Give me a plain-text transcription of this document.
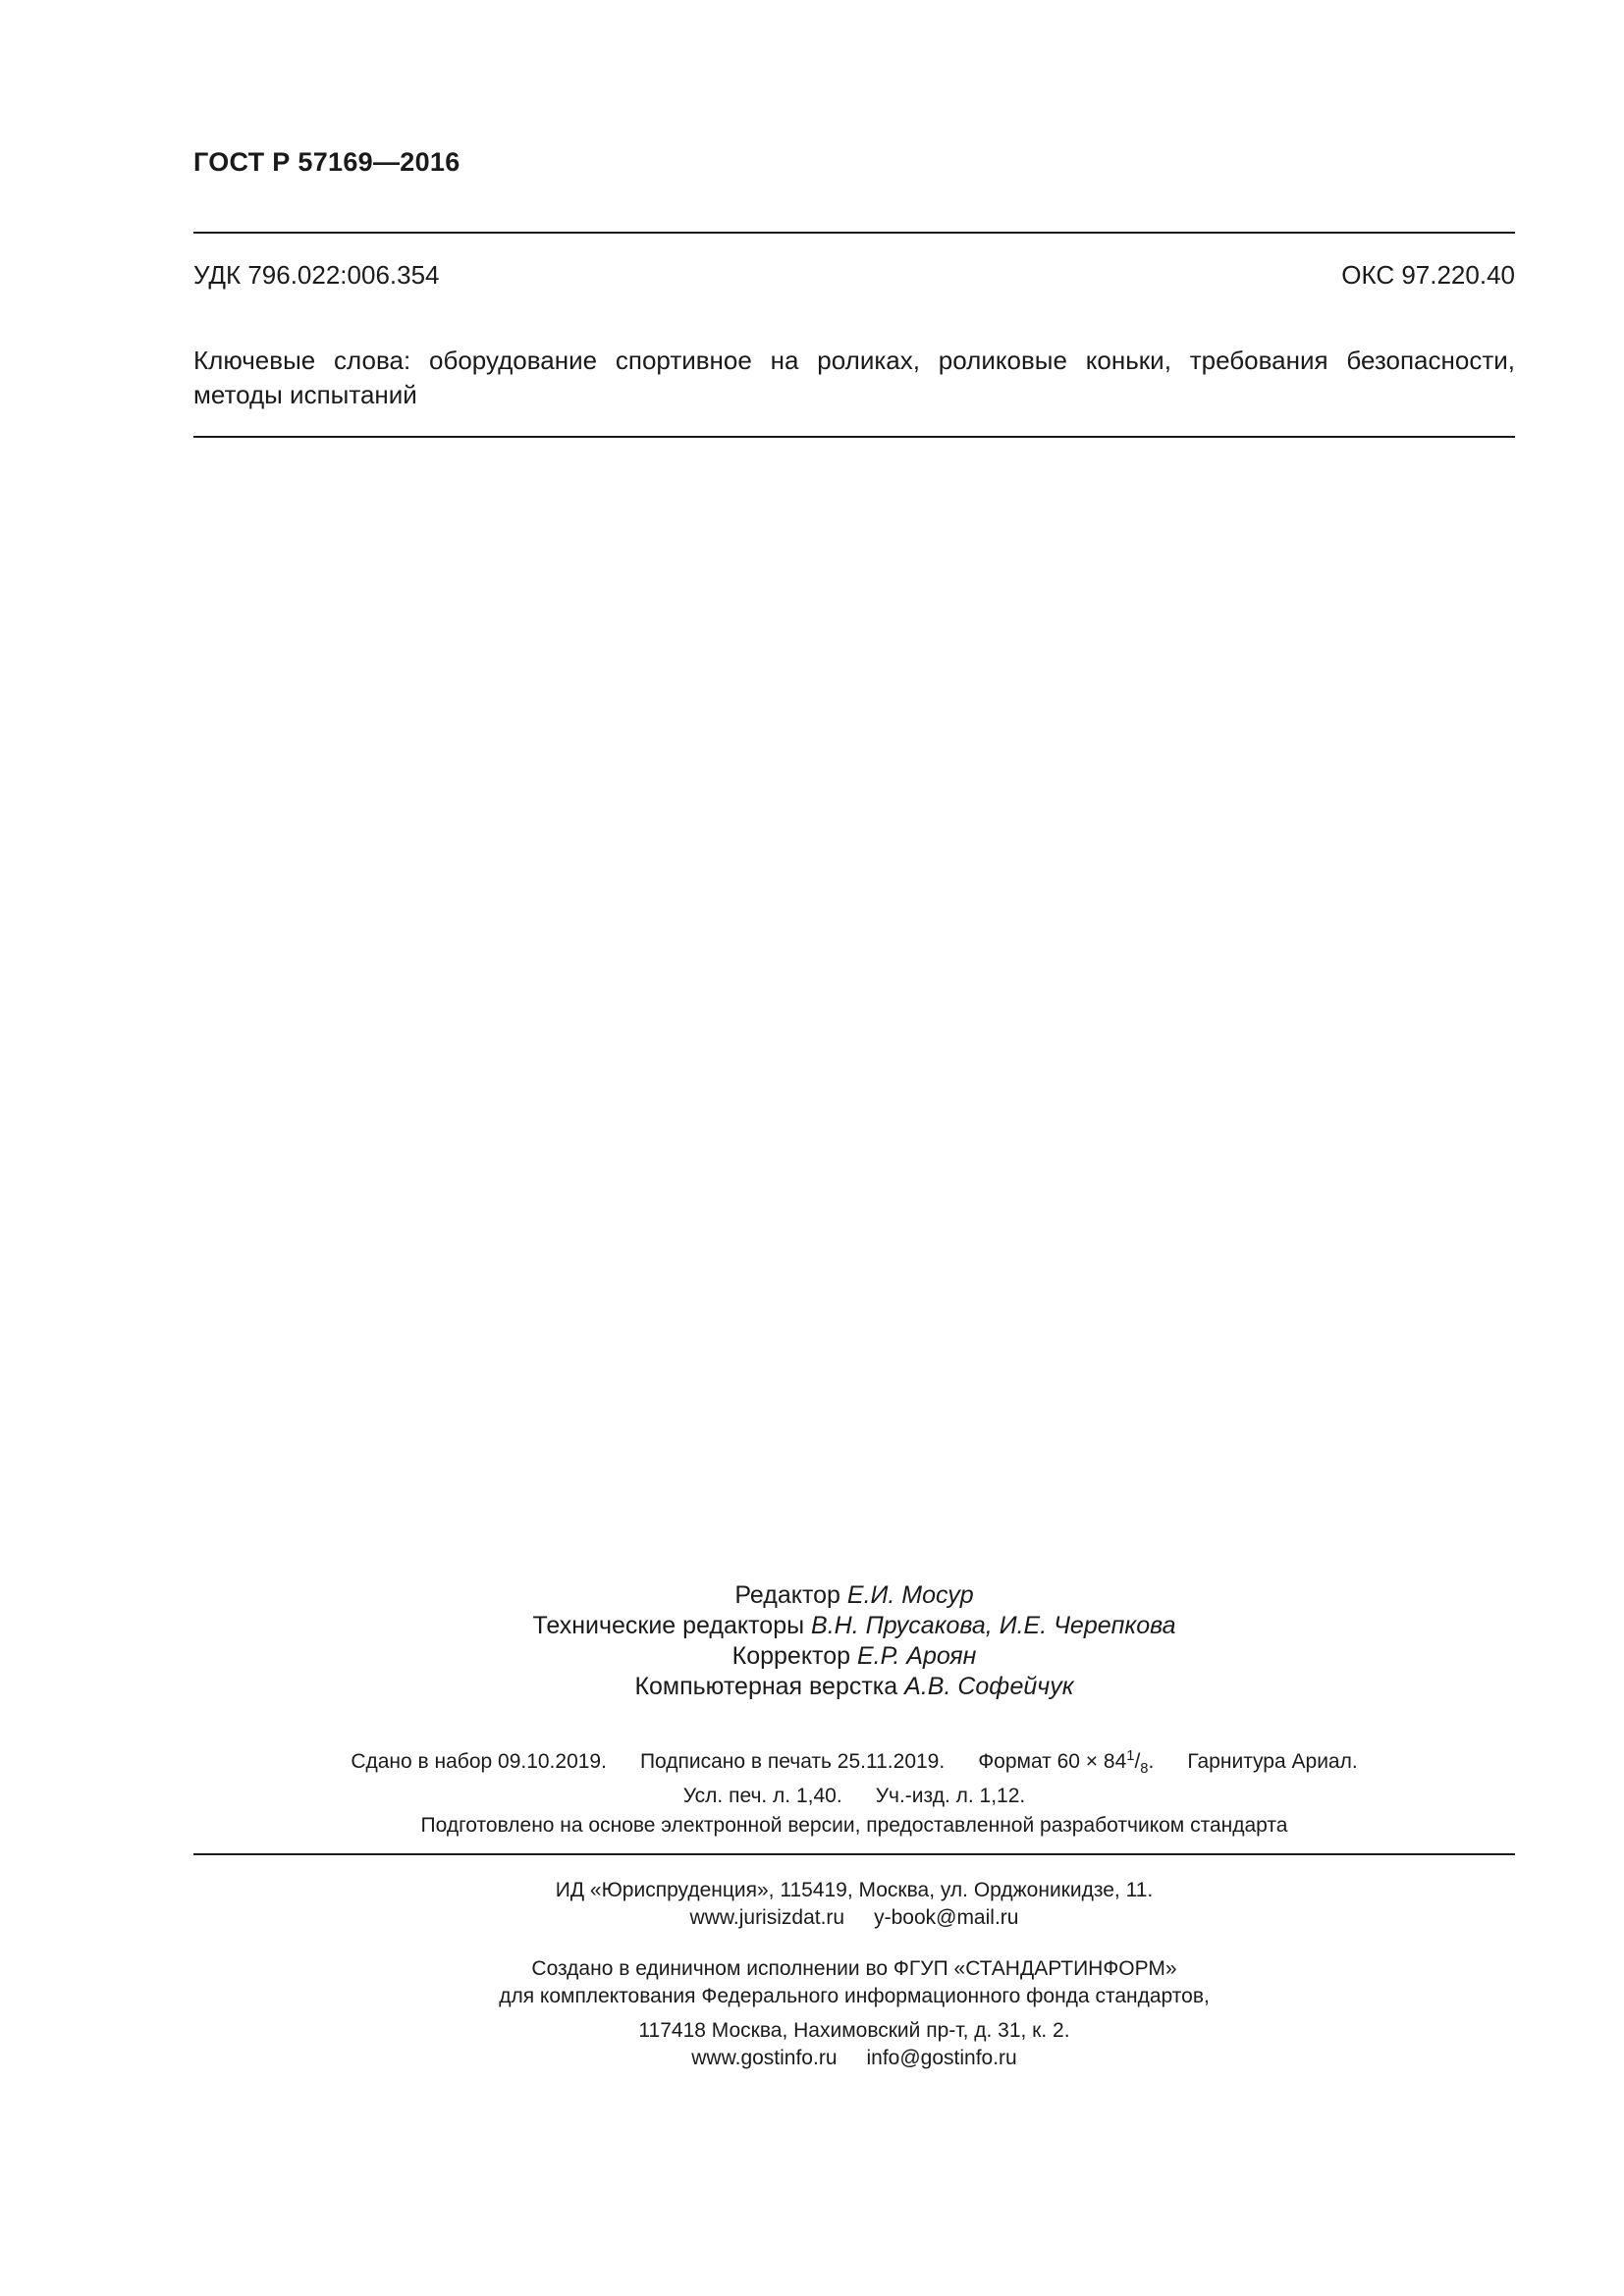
ГОСТ Р 57169—2016
УДК 796.022:006.354	ОКС 97.220.40
Ключевые слова: оборудование спортивное на роликах, роликовые коньки, требования безопасности,
методы испытаний
Редактор Е.И. Мосур
Технические редакторы В.Н. Прусакова, И.Е. Черепкова
Корректор Е.Р. Ароян
Компьютерная верстка А.В. Софейчук
Сдано в набор 09.10.2019. Подписано в печать 25.11.2019. Формат $60 \times 84^1/_8$. Гарнитура Ариал.
Усл. печ. л. 1,40. Уч.-изд. л. 1,12.
Подготовлено на основе электронной версии, предоставленной разработчиком стандарта
ИД «Юриспруденция», 115419, Москва, ул. Орджоникидзе, 11.
www.jurisizdat.ru y-book@mail.ru
Создано в единичном исполнении во ФГУП «СТАНДАРТИНФОРМ»
для комплектования Федерального информационного фонда стандартов,
117418 Москва, Нахимовский пр-т, д. 31, к. 2.
www.gostinfo.ru info@gostinfo.ru
